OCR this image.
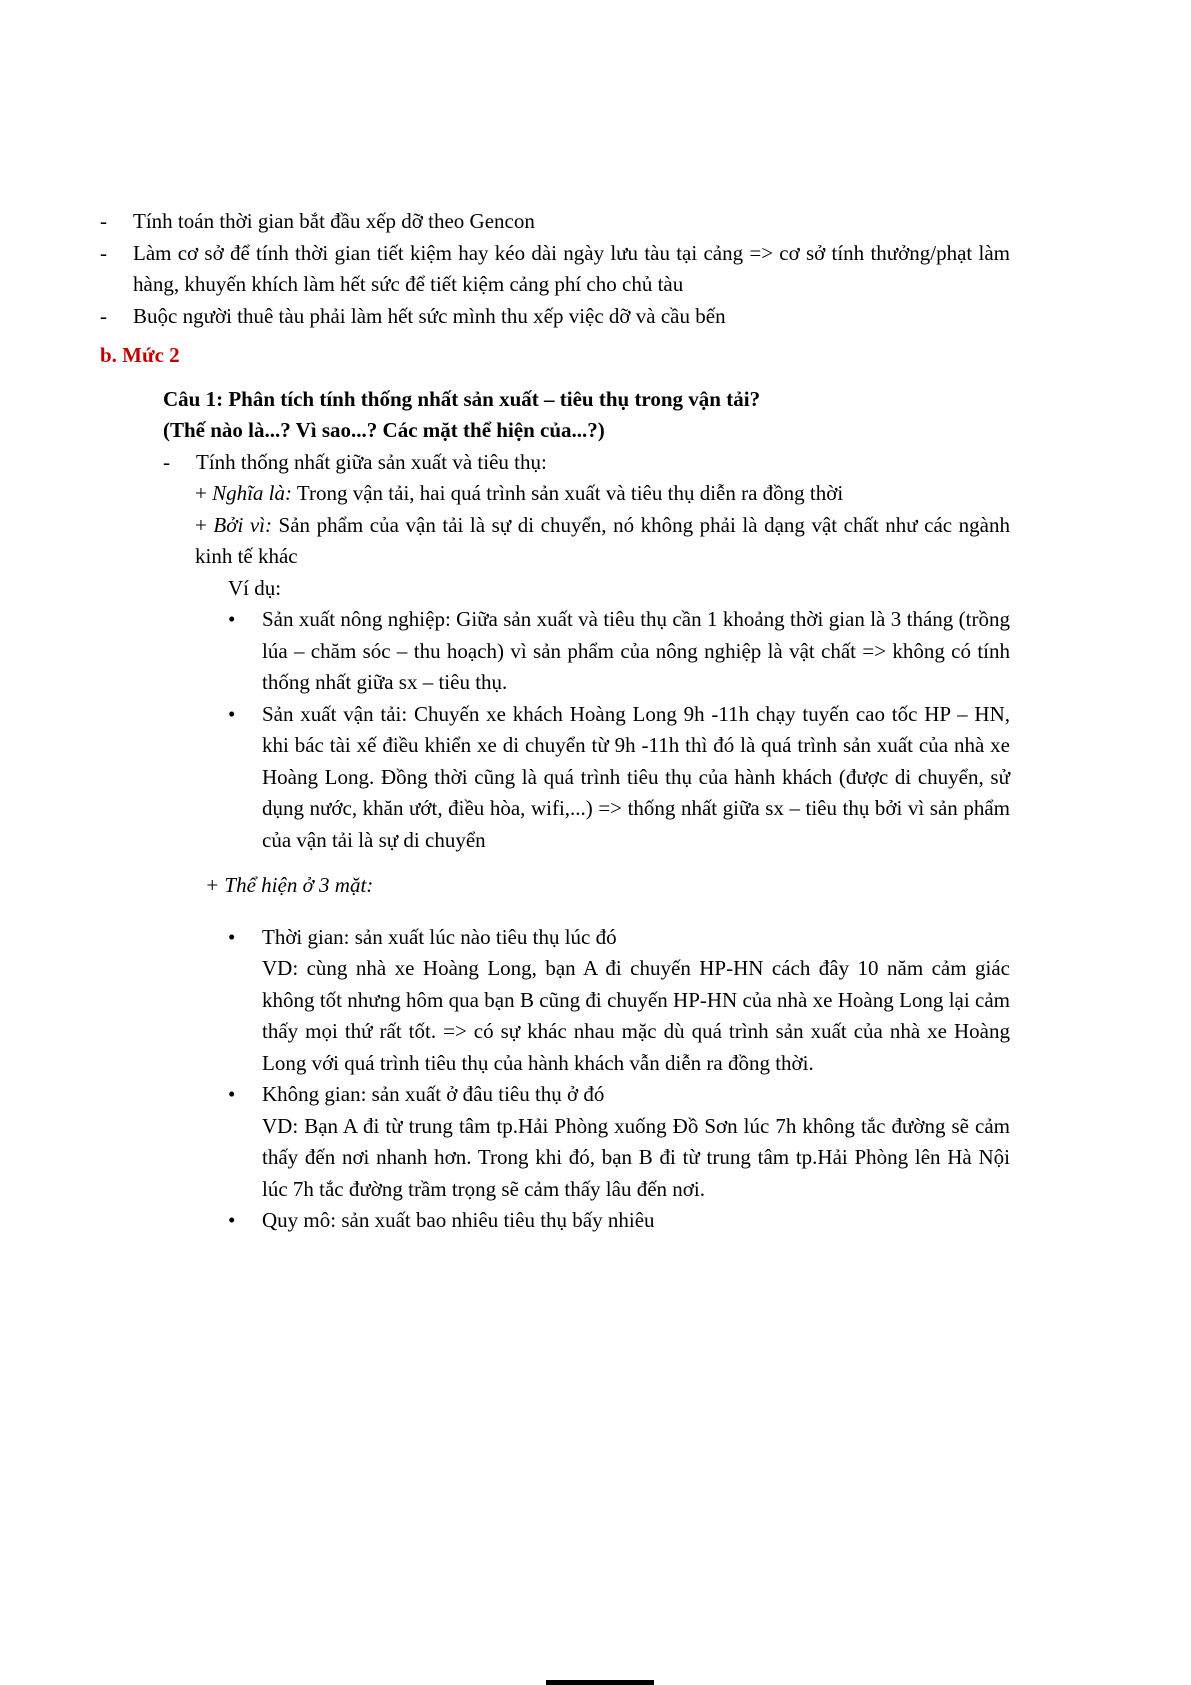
- Tính toán thời gian bắt đầu xếp dỡ theo Gencon
- Làm cơ sở để tính thời gian tiết kiệm hay kéo dài ngày lưu tàu tại cảng => cơ sở tính thưởng/phạt làm hàng, khuyến khích làm hết sức để tiết kiệm cảng phí cho chủ tàu
- Buộc người thuê tàu phải làm hết sức mình thu xếp việc dỡ và cầu bến
b. Mức 2
Câu 1: Phân tích tính thống nhất sản xuất – tiêu thụ trong vận tải?
(Thế nào là...? Vì sao...? Các mặt thể hiện của...?)
- Tính thống nhất giữa sản xuất và tiêu thụ:
+ Nghĩa là: Trong vận tải, hai quá trình sản xuất và tiêu thụ diễn ra đồng thời
+ Bởi vì: Sản phẩm của vận tải là sự di chuyển, nó không phải là dạng vật chất như các ngành kinh tế khác
Ví dụ:
• Sản xuất nông nghiệp: Giữa sản xuất và tiêu thụ cần 1 khoảng thời gian là 3 tháng (trồng lúa – chăm sóc – thu hoạch) vì sản phẩm của nông nghiệp là vật chất => không có tính thống nhất giữa sx – tiêu thụ.
• Sản xuất vận tải: Chuyến xe khách Hoàng Long 9h -11h chạy tuyến cao tốc HP – HN, khi bác tài xế điều khiển xe di chuyển từ 9h -11h thì đó là quá trình sản xuất của nhà xe Hoàng Long. Đồng thời cũng là quá trình tiêu thụ của hành khách (được di chuyển, sử dụng nước, khăn ướt, điều hòa, wifi,...) => thống nhất giữa sx – tiêu thụ bởi vì sản phẩm của vận tải là sự di chuyển
+ Thể hiện ở 3 mặt:
• Thời gian: sản xuất lúc nào tiêu thụ lúc đó
VD: cùng nhà xe Hoàng Long, bạn A đi chuyến HP-HN cách đây 10 năm cảm giác không tốt nhưng hôm qua bạn B cũng đi chuyến HP-HN của nhà xe Hoàng Long lại cảm thấy mọi thứ rất tốt. => có sự khác nhau mặc dù quá trình sản xuất của nhà xe Hoàng Long với quá trình tiêu thụ của hành khách vẫn diễn ra đồng thời.
• Không gian: sản xuất ở đâu tiêu thụ ở đó
VD: Bạn A đi từ trung tâm tp.Hải Phòng xuống Đồ Sơn lúc 7h không tắc đường sẽ cảm thấy đến nơi nhanh hơn. Trong khi đó, bạn B đi từ trung tâm tp.Hải Phòng lên Hà Nội lúc 7h tắc đường trầm trọng sẽ cảm thấy lâu đến nơi.
• Quy mô: sản xuất bao nhiêu tiêu thụ bấy nhiêu
